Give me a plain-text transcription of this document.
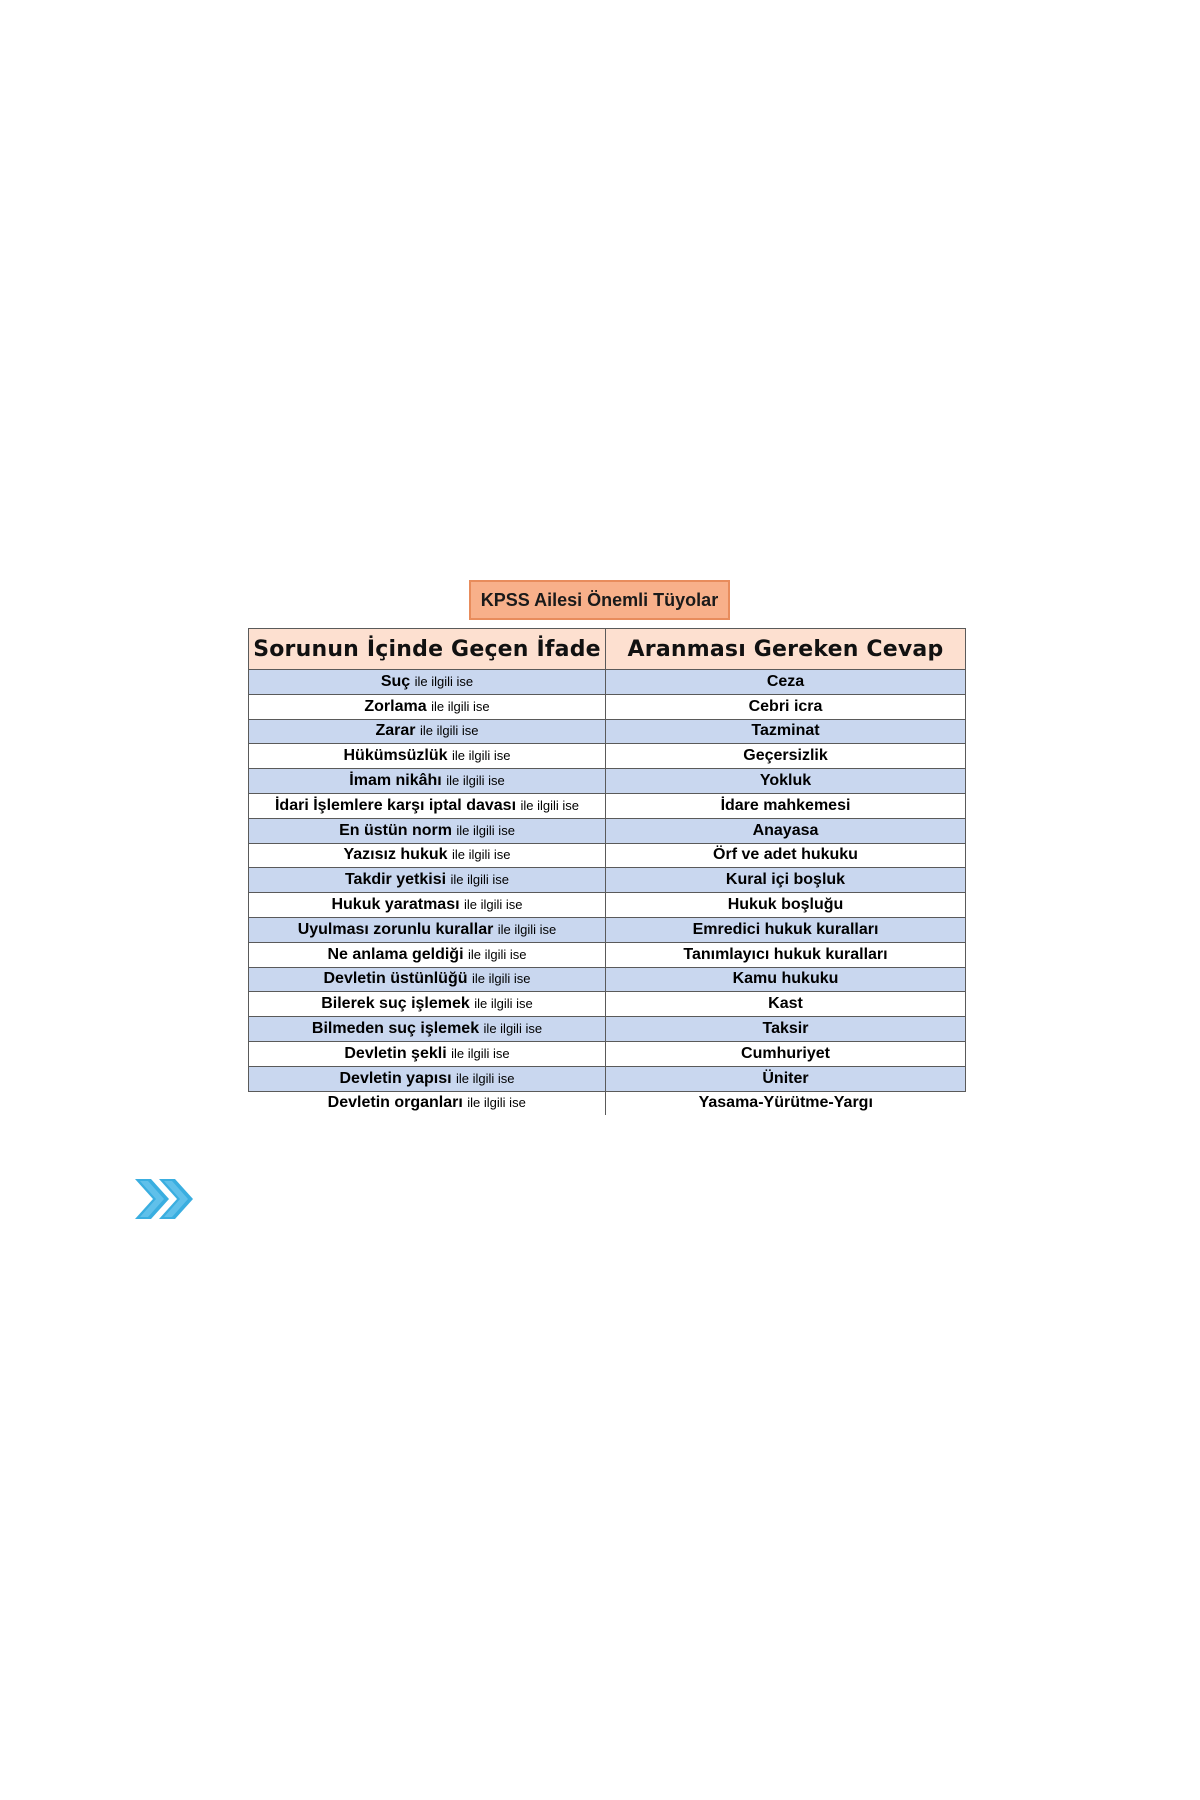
KPSS Ailesi Önemli Tüyolar
Sorunun İçinde Geçen İfade	Aranması Gereken Cevap
Suç ile ilgili ise	Ceza
Zorlama ile ilgili ise	Cebri icra
Zarar ile ilgili ise	Tazminat
Hükümsüzlük ile ilgili ise	Geçersizlik
İmam nikâhı ile ilgili ise	Yokluk
İdari İşlemlere karşı iptal davası ile ilgili ise	İdare mahkemesi
En üstün norm ile ilgili ise	Anayasa
Yazısız hukuk ile ilgili ise	Örf ve adet hukuku
Takdir yetkisi ile ilgili ise	Kural içi boşluk
Hukuk yaratması ile ilgili ise	Hukuk boşluğu
Uyulması zorunlu kurallar ile ilgili ise	Emredici hukuk kuralları
Ne anlama geldiği ile ilgili ise	Tanımlayıcı hukuk kuralları
Devletin üstünlüğü ile ilgili ise	Kamu hukuku
Bilerek suç işlemek ile ilgili ise	Kast
Bilmeden suç işlemek ile ilgili ise	Taksir
Devletin şekli ile ilgili ise	Cumhuriyet
Devletin yapısı ile ilgili ise	Üniter
Devletin organları ile ilgili ise	Yasama-Yürütme-Yargı
